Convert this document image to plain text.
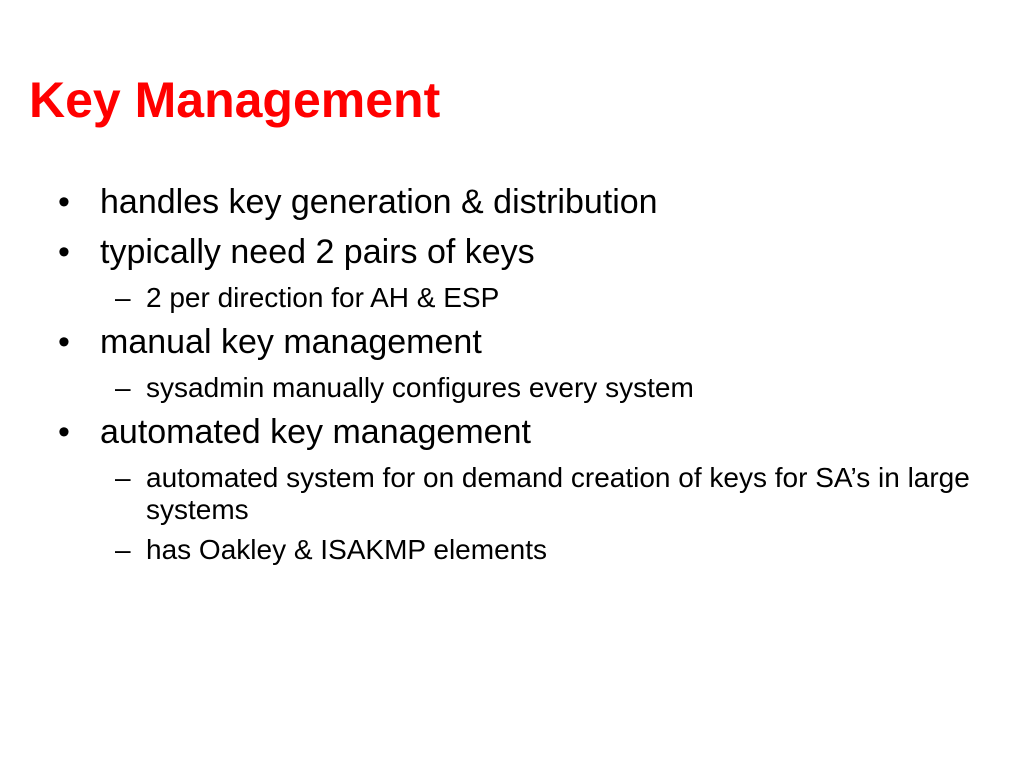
Key Management
• handles key generation & distribution
• typically need 2 pairs of keys
– 2 per direction for AH & ESP
• manual key management
– sysadmin manually configures every system
• automated key management
– automated system for on demand creation of keys for SA’s in large systems
– has Oakley & ISAKMP elements
